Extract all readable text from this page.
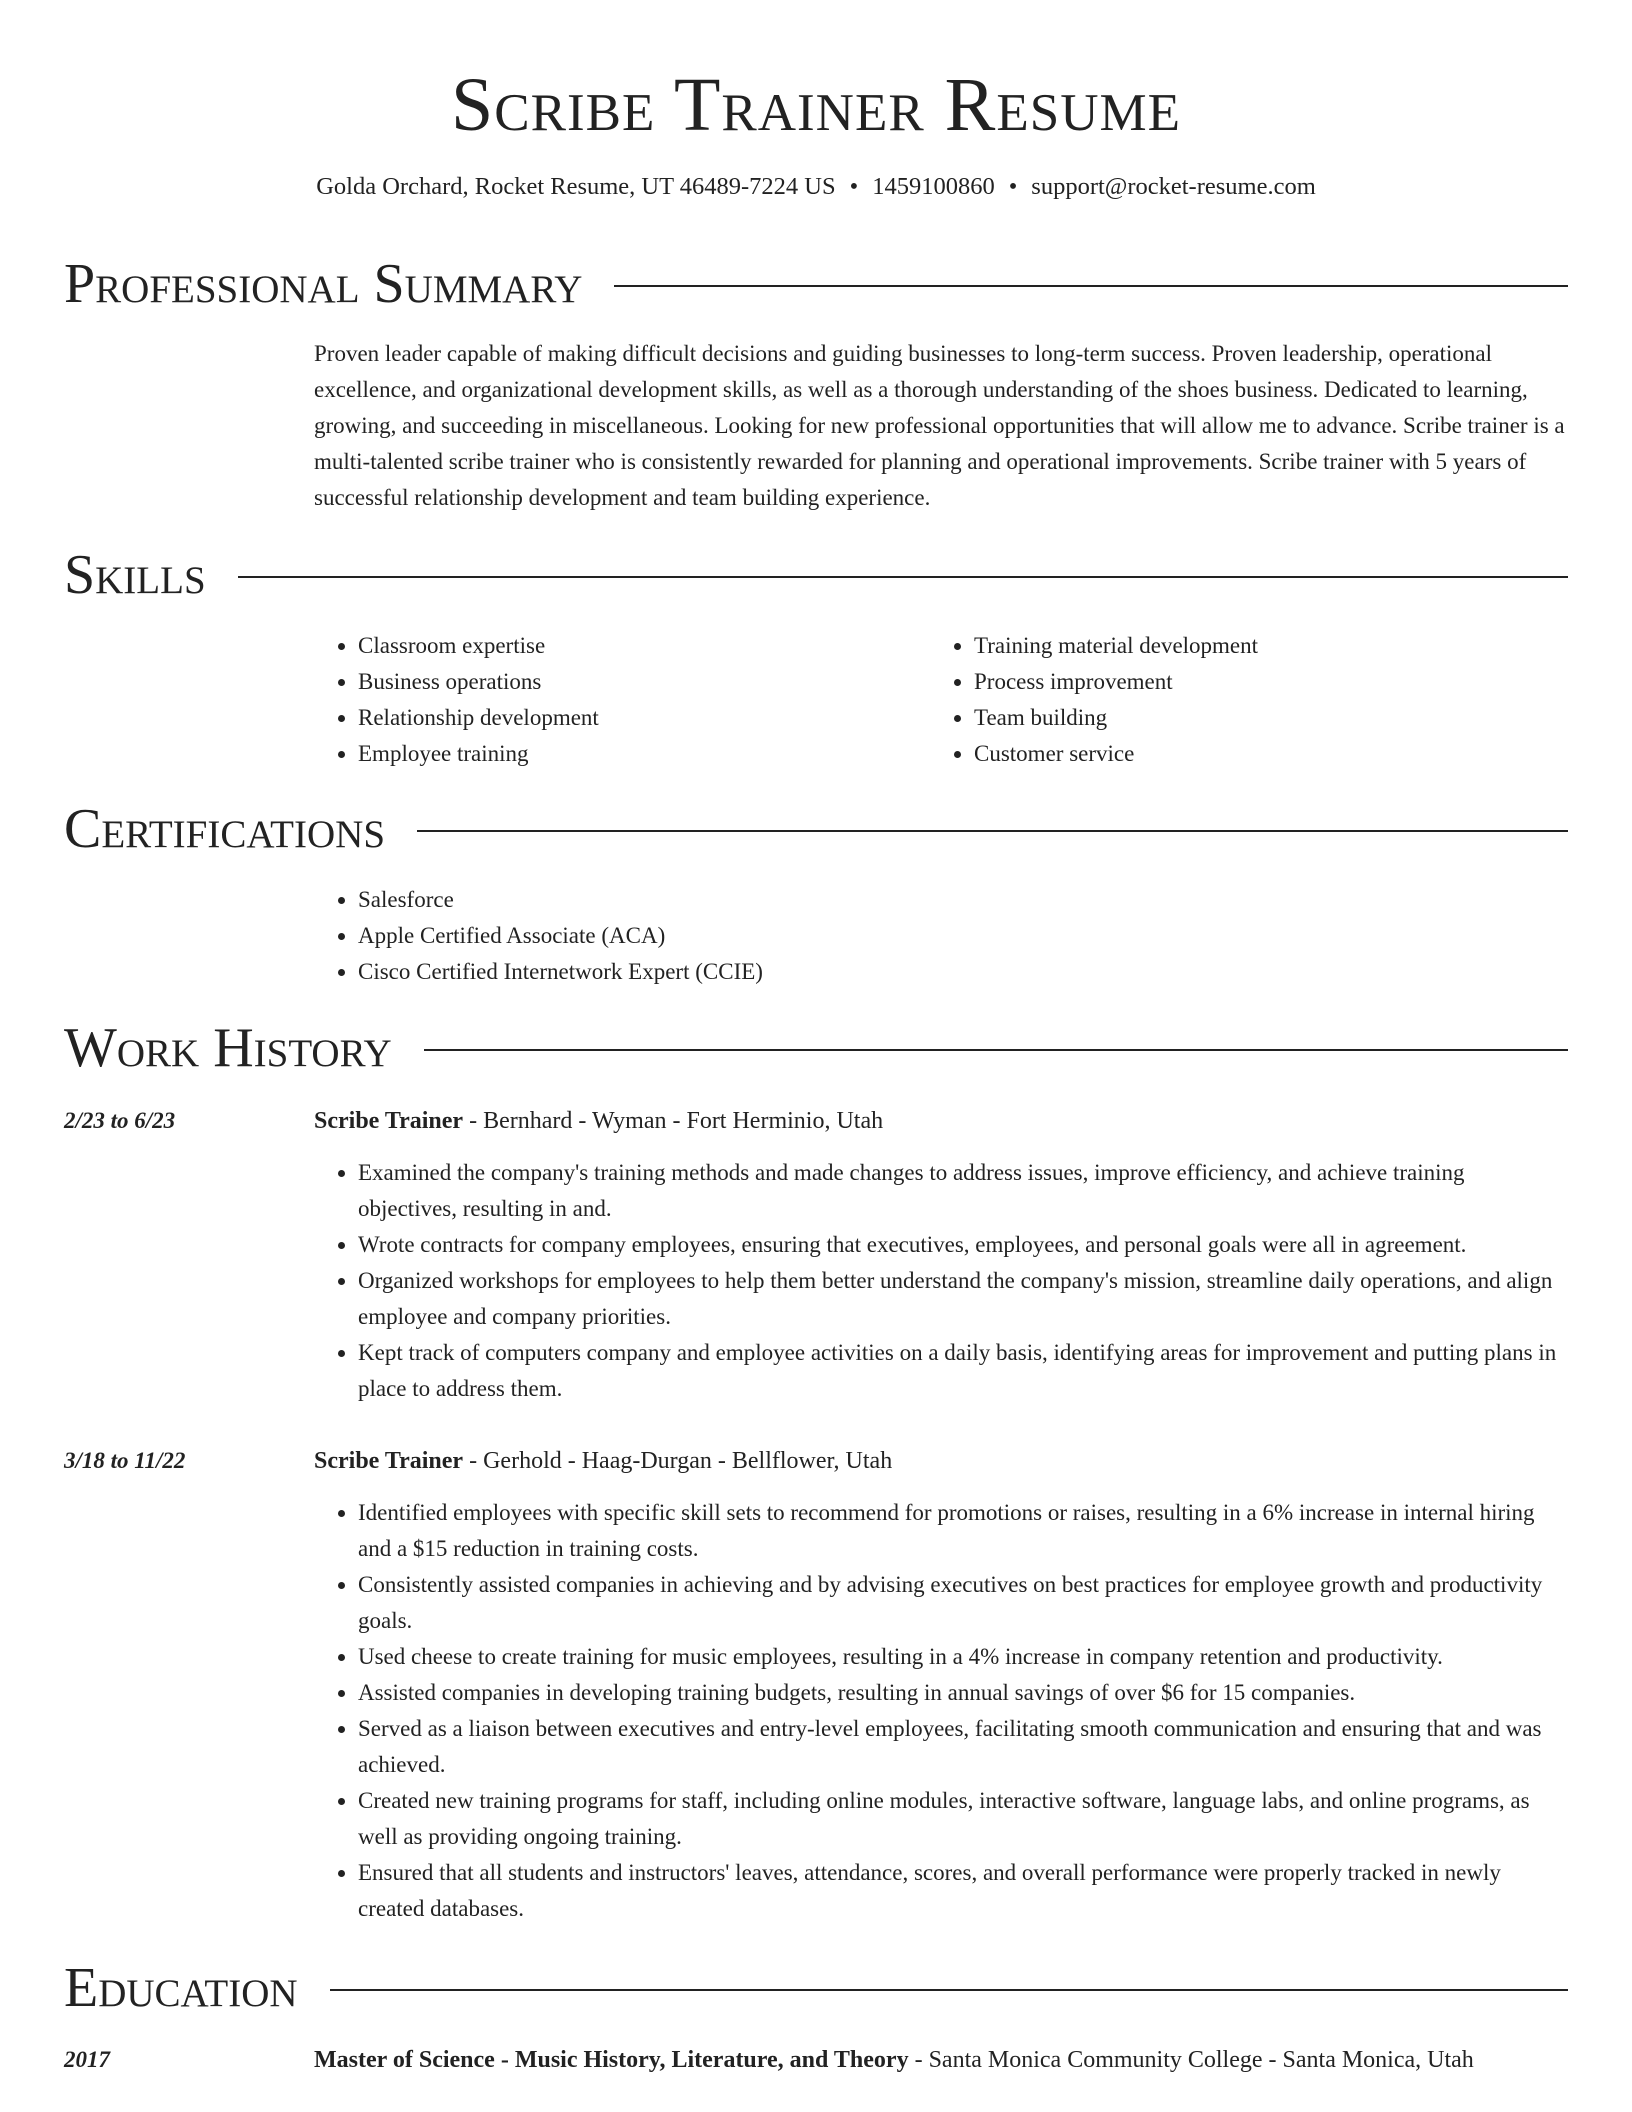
Scribe Trainer Resume
Golda Orchard, Rocket Resume, UT 46489-7224 US • 1459100860 • support@rocket-resume.com
Professional Summary
Proven leader capable of making difficult decisions and guiding businesses to long-term success. Proven leadership, operational excellence, and organizational development skills, as well as a thorough understanding of the shoes business. Dedicated to learning, growing, and succeeding in miscellaneous. Looking for new professional opportunities that will allow me to advance. Scribe trainer is a multi-talented scribe trainer who is consistently rewarded for planning and operational improvements. Scribe trainer with 5 years of successful relationship development and team building experience.
Skills
• Classroom expertise
• Business operations
• Relationship development
• Employee training
• Training material development
• Process improvement
• Team building
• Customer service
Certifications
• Salesforce
• Apple Certified Associate (ACA)
• Cisco Certified Internetwork Expert (CCIE)
Work History
2/23 to 6/23	Scribe Trainer - Bernhard - Wyman - Fort Herminio, Utah
• Examined the company's training methods and made changes to address issues, improve efficiency, and achieve training objectives, resulting in and.
• Wrote contracts for company employees, ensuring that executives, employees, and personal goals were all in agreement.
• Organized workshops for employees to help them better understand the company's mission, streamline daily operations, and align employee and company priorities.
• Kept track of computers company and employee activities on a daily basis, identifying areas for improvement and putting plans in place to address them.
3/18 to 11/22	Scribe Trainer - Gerhold - Haag-Durgan - Bellflower, Utah
• Identified employees with specific skill sets to recommend for promotions or raises, resulting in a 6% increase in internal hiring and a $15 reduction in training costs.
• Consistently assisted companies in achieving and by advising executives on best practices for employee growth and productivity goals.
• Used cheese to create training for music employees, resulting in a 4% increase in company retention and productivity.
• Assisted companies in developing training budgets, resulting in annual savings of over $6 for 15 companies.
• Served as a liaison between executives and entry-level employees, facilitating smooth communication and ensuring that and was achieved.
• Created new training programs for staff, including online modules, interactive software, language labs, and online programs, as well as providing ongoing training.
• Ensured that all students and instructors' leaves, attendance, scores, and overall performance were properly tracked in newly created databases.
Education
2017	Master of Science - Music History, Literature, and Theory - Santa Monica Community College - Santa Monica, Utah
